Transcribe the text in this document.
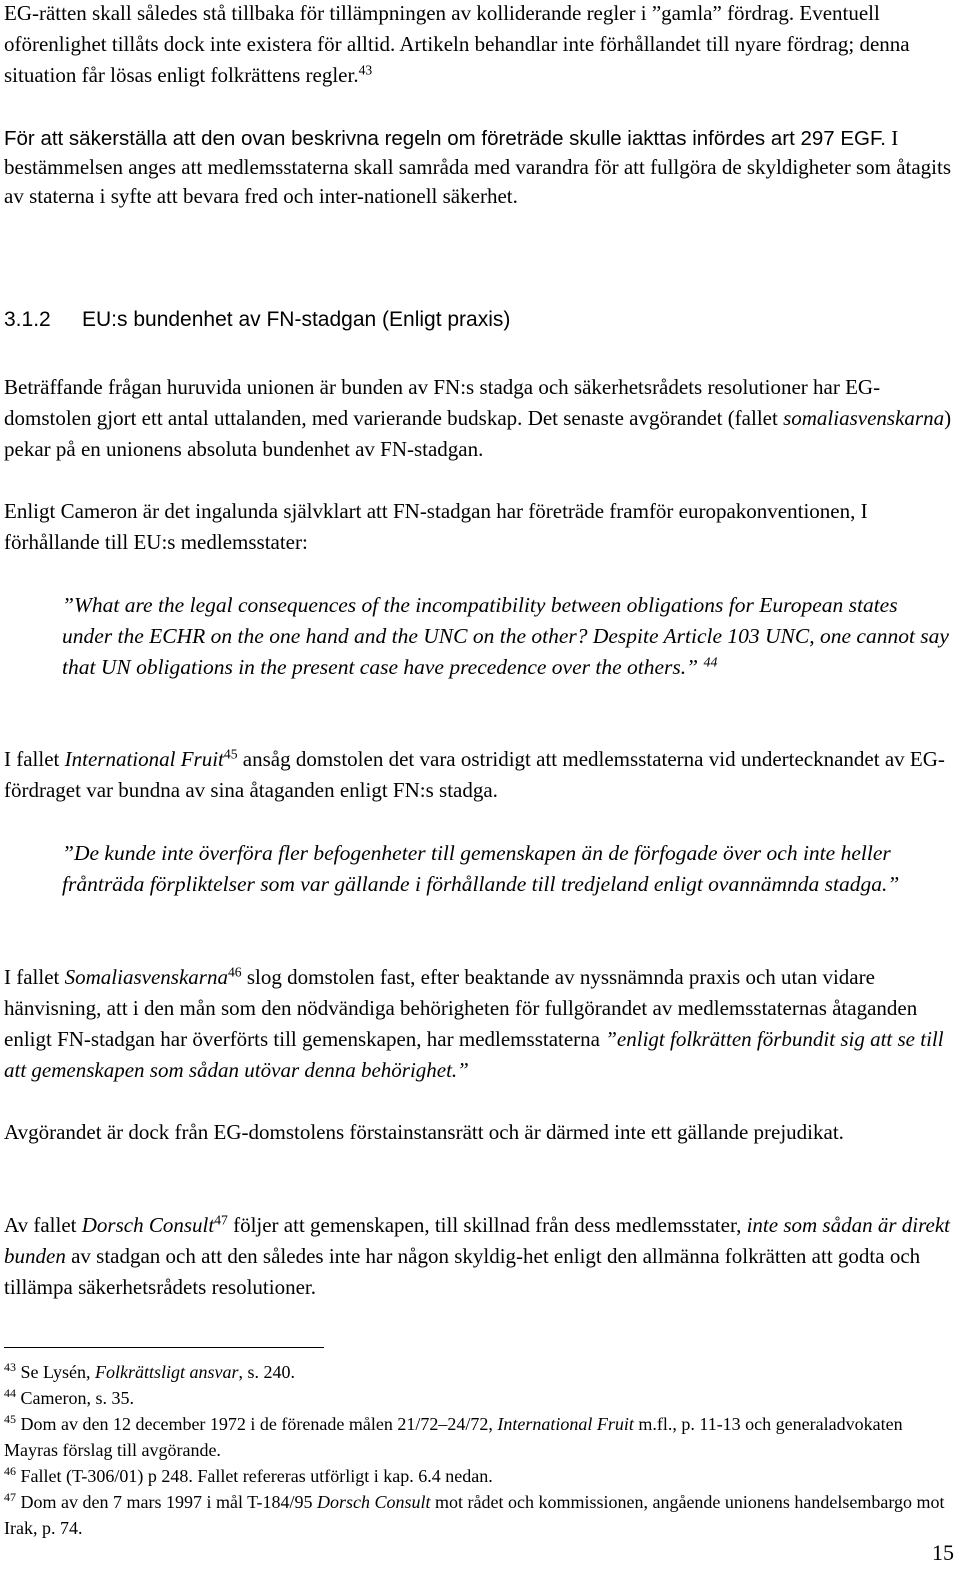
EG-rätten skall således stå tillbaka för tillämpningen av kolliderande regler i ”gamla” fördrag. Eventuell oförenlighet tillåts dock inte existera för alltid. Artikeln behandlar inte förhållandet till nyare fördrag; denna situation får lösas enligt folkrättens regler.$^{43}$

För att säkerställa att den ovan beskrivna regeln om företräde skulle iakttas infördes art 297 EGF. I bestämmelsen anges att medlemsstaterna skall samråda med varandra för att fullgöra de skyldigheter som åtagits av staterna i syfte att bevara fred och inter-nationell säkerhet.

3.1.2 EU:s bundenhet av FN-stadgan (Enligt praxis)

Beträffande frågan huruvida unionen är bunden av FN:s stadga och säkerhetsrådets resolutioner har EG-domstolen gjort ett antal uttalanden, med varierande budskap. Det senaste avgörandet (fallet somaliasvenskarna) pekar på en unionens absoluta bundenhet av FN-stadgan.

Enligt Cameron är det ingalunda självklart att FN-stadgan har företräde framför europakonventionen, I förhållande till EU:s medlemsstater:

”What are the legal consequences of the incompatibility between obligations for European states under the ECHR on the one hand and the UNC on the other? Despite Article 103 UNC, one cannot say that UN obligations in the present case have precedence over the others.” $^{44}$

I fallet International Fruit$^{45}$ ansåg domstolen det vara ostridigt att medlemsstaterna vid undertecknandet av EG-fördraget var bundna av sina åtaganden enligt FN:s stadga.

”De kunde inte överföra fler befogenheter till gemenskapen än de förfogade över och inte heller frånträda förpliktelser som var gällande i förhållande till tredjeland enligt ovannämnda stadga.”

I fallet Somaliasvenskarna$^{46}$ slog domstolen fast, efter beaktande av nyssnämnda praxis och utan vidare hänvisning, att i den mån som den nödvändiga behörigheten för fullgörandet av medlemsstaternas åtaganden enligt FN-stadgan har överförts till gemenskapen, har medlemsstaterna ”enligt folkrätten förbundit sig att se till att gemenskapen som sådan utövar denna behörighet.”

Avgörandet är dock från EG-domstolens förstainstansrätt och är därmed inte ett gällande prejudikat.

Av fallet Dorsch Consult$^{47}$ följer att gemenskapen, till skillnad från dess medlemsstater, inte som sådan är direkt bunden av stadgan och att den således inte har någon skyldig-het enligt den allmänna folkrätten att godta och tillämpa säkerhetsrådets resolutioner.

$^{43}$ Se Lysén, Folkrättsligt ansvar, s. 240.

$^{44}$ Cameron, s. 35.

$^{45}$ Dom av den 12 december 1972 i de förenade målen 21/72–24/72, International Fruit m.fl., p. 11-13 och generaladvokaten Mayras förslag till avgörande.

$^{46}$ Fallet (T-306/01) p 248. Fallet refereras utförligt i kap. 6.4 nedan.

$^{47}$ Dom av den 7 mars 1997 i mål T-184/95 Dorsch Consult mot rådet och kommissionen, angående unionens handelsembargo mot Irak, p. 74.

15
